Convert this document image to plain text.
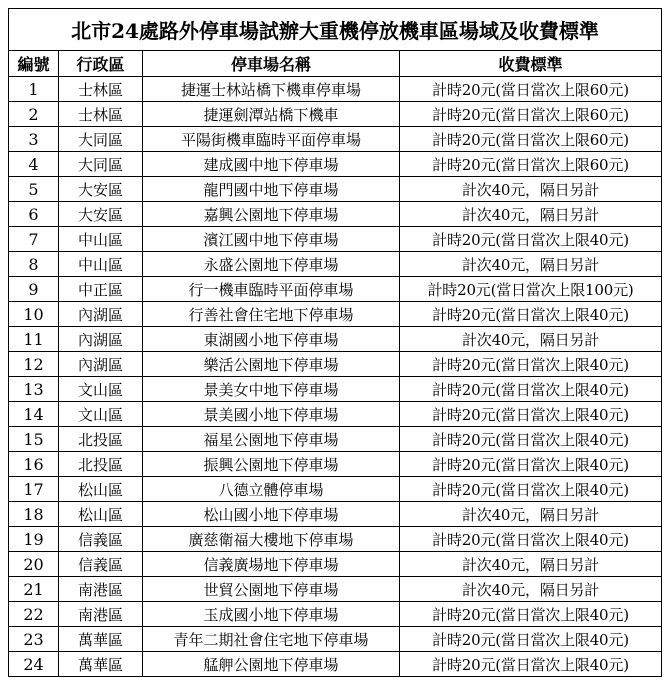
北市24處路外停車場試辦大重機停放機車區場域及收費標準			
編號	行政區	停車場名稱	收費標準
1	士林區	捷運士林站橋下機車停車場	計時20元(當日當次上限60元)
2	士林區	捷運劍潭站橋下機車	計時20元(當日當次上限60元)
3	大同區	平陽街機車臨時平面停車場	計時20元(當日當次上限60元)
4	大同區	建成國中地下停車場	計時20元(當日當次上限60元)
5	大安區	龍門國中地下停車場	計次40元，隔日另計
6	大安區	嘉興公園地下停車場	計次40元，隔日另計
7	中山區	濱江國中地下停車場	計時20元(當日當次上限40元)
8	中山區	永盛公園地下停車場	計次40元，隔日另計
9	中正區	行一機車臨時平面停車場	計時20元(當日當次上限100元)
10	內湖區	行善社會住宅地下停車場	計時20元(當日當次上限40元)
11	內湖區	東湖國小地下停車場	計次40元，隔日另計
12	內湖區	樂活公園地下停車場	計時20元(當日當次上限40元)
13	文山區	景美女中地下停車場	計時20元(當日當次上限40元)
14	文山區	景美國小地下停車場	計時20元(當日當次上限40元)
15	北投區	福星公園地下停車場	計時20元(當日當次上限40元)
16	北投區	振興公園地下停車場	計時20元(當日當次上限40元)
17	松山區	八德立體停車場	計時20元(當日當次上限40元)
18	松山區	松山國小地下停車場	計次40元，隔日另計
19	信義區	廣慈衛福大樓地下停車場	計時20元(當日當次上限40元)
20	信義區	信義廣場地下停車場	計次40元，隔日另計
21	南港區	世貿公園地下停車場	計次40元，隔日另計
22	南港區	玉成國小地下停車場	計時20元(當日當次上限40元)
23	萬華區	青年二期社會住宅地下停車場	計時20元(當日當次上限40元)
24	萬華區	艋舺公園地下停車場	計時20元(當日當次上限40元)
